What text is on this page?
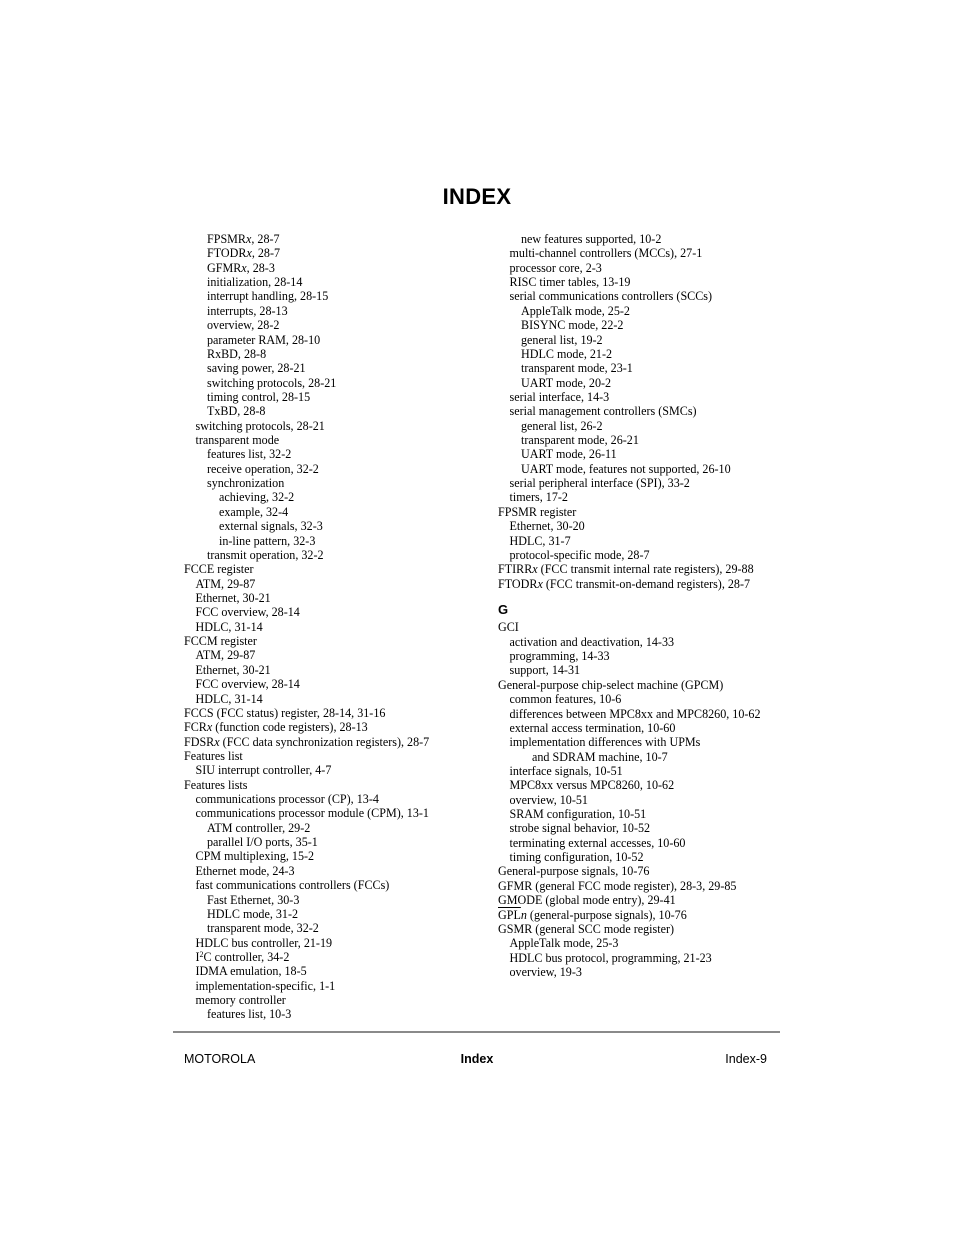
INDEX
FPSMRx, 28-7
FTODRx, 28-7
GFMRx, 28-3
initialization, 28-14
interrupt handling, 28-15
interrupts, 28-13
overview, 28-2
parameter RAM, 28-10
RxBD, 28-8
saving power, 28-21
switching protocols, 28-21
timing control, 28-15
TxBD, 28-8
switching protocols, 28-21
transparent mode
features list, 32-2
receive operation, 32-2
synchronization
achieving, 32-2
example, 32-4
external signals, 32-3
in-line pattern, 32-3
transmit operation, 32-2
FCCE register
ATM, 29-87
Ethernet, 30-21
FCC overview, 28-14
HDLC, 31-14
FCCM register
ATM, 29-87
Ethernet, 30-21
FCC overview, 28-14
HDLC, 31-14
FCCS (FCC status) register, 28-14, 31-16
FCRx (function code registers), 28-13
FDSRx (FCC data synchronization registers), 28-7
Features list
SIU interrupt controller, 4-7
Features lists
communications processor (CP), 13-4
communications processor module (CPM), 13-1
ATM controller, 29-2
parallel I/O ports, 35-1
CPM multiplexing, 15-2
Ethernet mode, 24-3
fast communications controllers (FCCs)
Fast Ethernet, 30-3
HDLC mode, 31-2
transparent mode, 32-2
HDLC bus controller, 21-19
$I^2C$ controller, 34-2
IDMA emulation, 18-5
implementation-specific, 1-1
memory controller
features list, 10-3
new features supported, 10-2
multi-channel controllers (MCCs), 27-1
processor core, 2-3
RISC timer tables, 13-19
serial communications controllers (SCCs)
AppleTalk mode, 25-2
BISYNC mode, 22-2
general list, 19-2
HDLC mode, 21-2
transparent mode, 23-1
UART mode, 20-2
serial interface, 14-3
serial management controllers (SMCs)
general list, 26-2
transparent mode, 26-21
UART mode, 26-11
UART mode, features not supported, 26-10
serial peripheral interface (SPI), 33-2
timers, 17-2
FPSMR register
Ethernet, 30-20
HDLC, 31-7
protocol-specific mode, 28-7
FTIRRx (FCC transmit internal rate registers), 29-88
FTODRx (FCC transmit-on-demand registers), 28-7
G
GCI
activation and deactivation, 14-33
programming, 14-33
support, 14-31
General-purpose chip-select machine (GPCM)
common features, 10-6
differences between MPC8xx and MPC8260, 10-62
external access termination, 10-60
implementation differences with UPMs
and SDRAM machine, 10-7
interface signals, 10-51
MPC8xx versus MPC8260, 10-62
overview, 10-51
SRAM configuration, 10-51
strobe signal behavior, 10-52
terminating external accesses, 10-60
timing configuration, 10-52
General-purpose signals, 10-76
GFMR (general FCC mode register), 28-3, 29-85
GMODE (global mode entry), 29-41
$\overline{GPL}n$ (general-purpose signals), 10-76
GSMR (general SCC mode register)
AppleTalk mode, 25-3
HDLC bus protocol, programming, 21-23
overview, 19-3
MOTOROLA	Index	Index-9
